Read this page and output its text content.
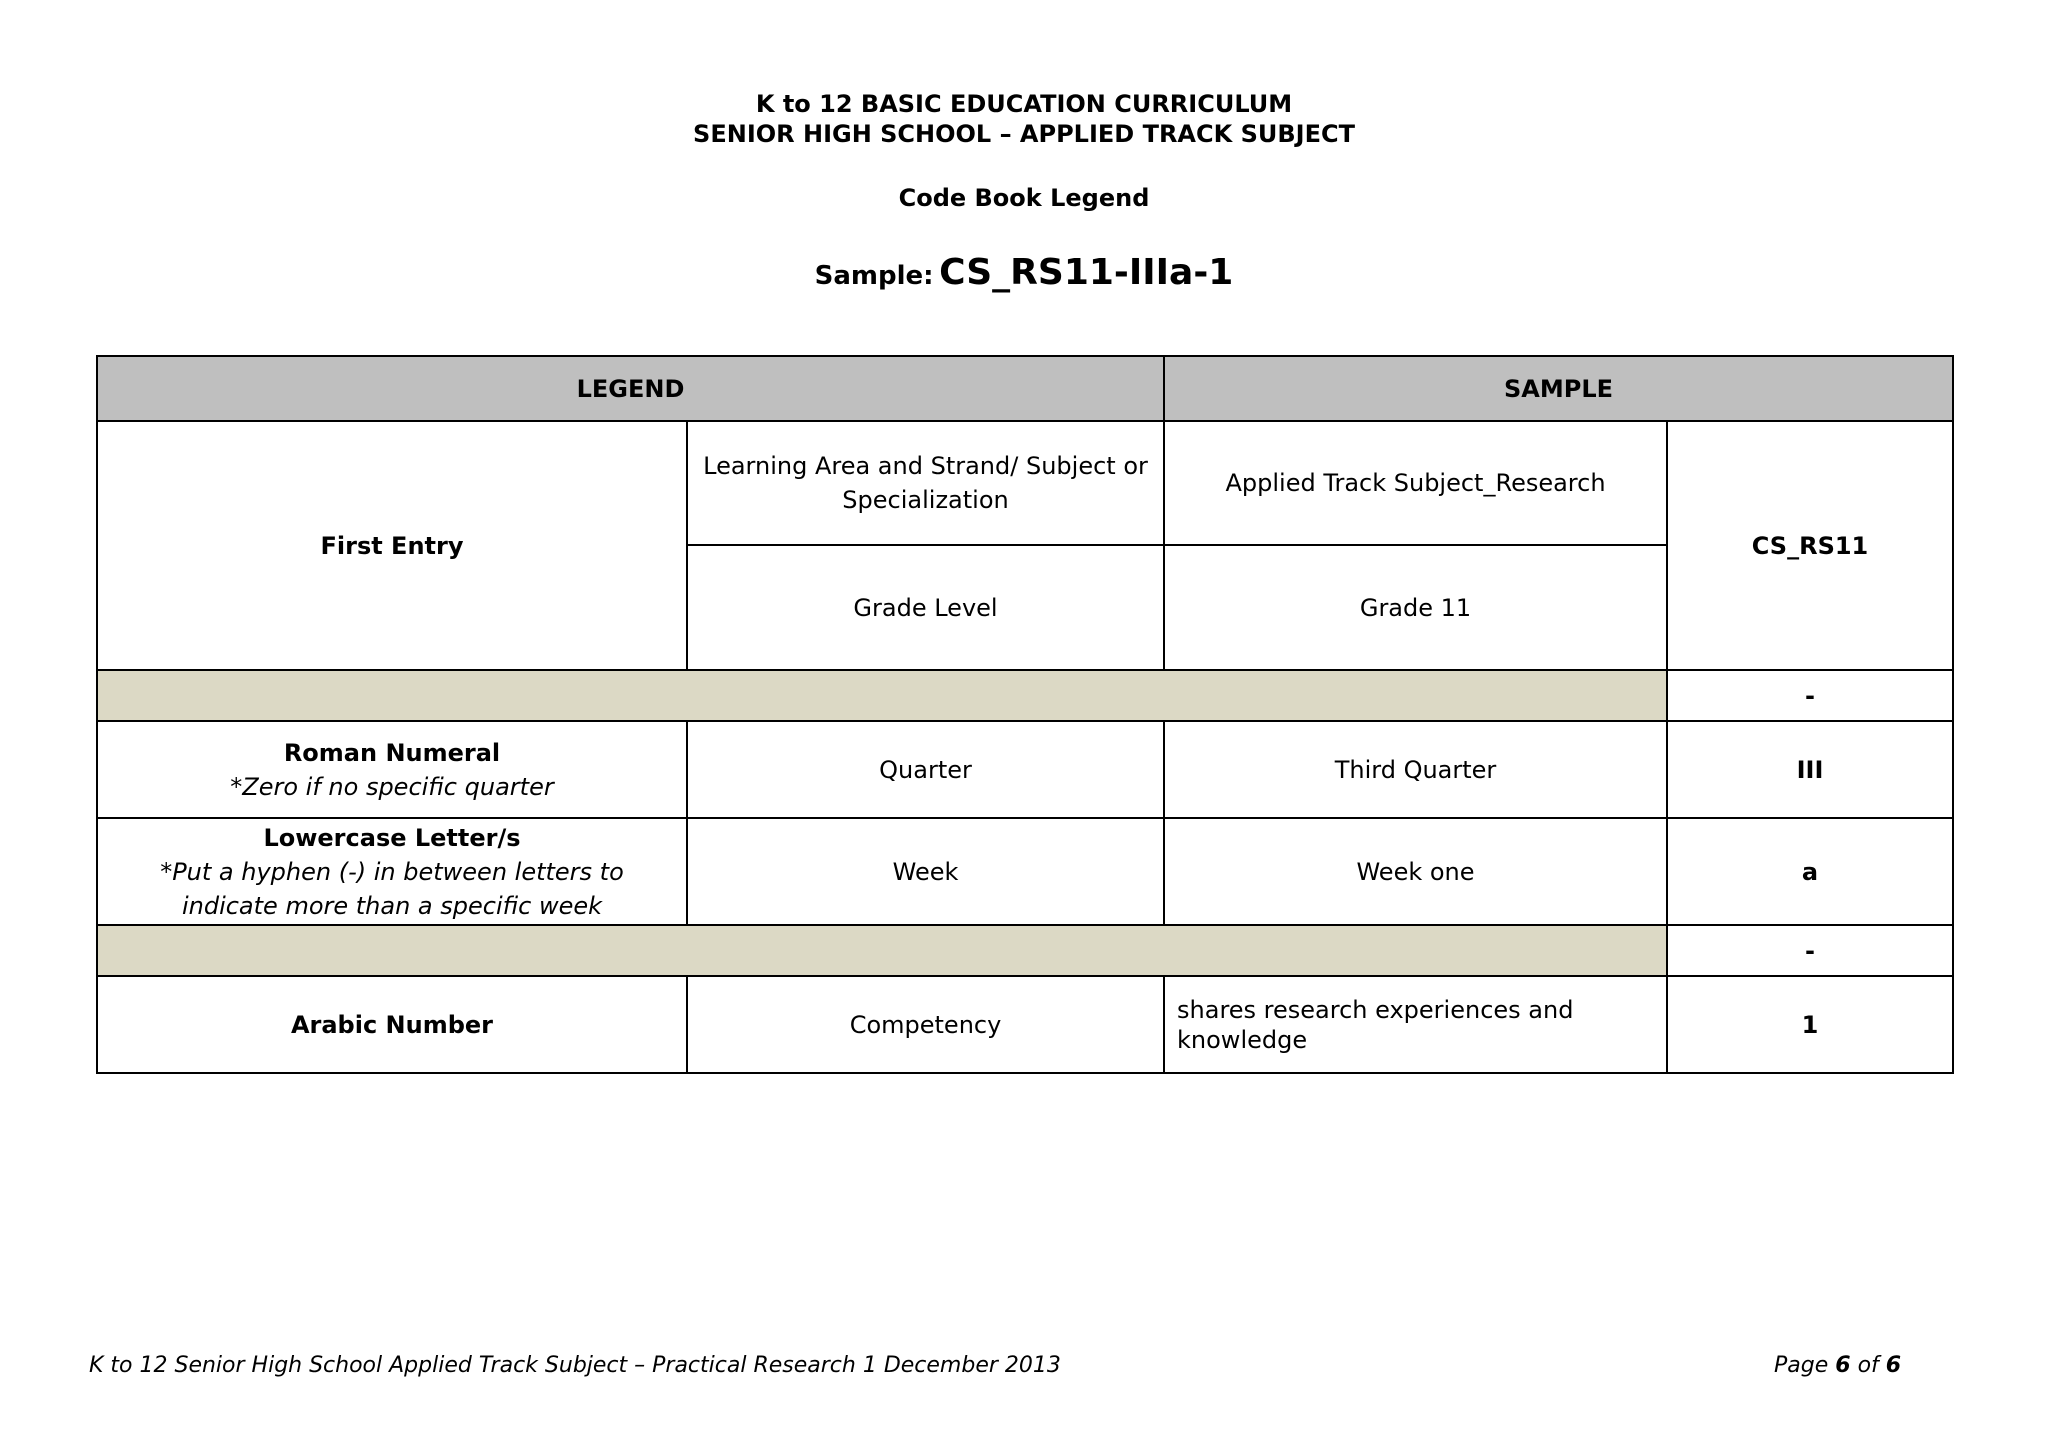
K to 12 BASIC EDUCATION CURRICULUM
SENIOR HIGH SCHOOL – APPLIED TRACK SUBJECT
Code Book Legend
Sample: CS_RS11-IIIa-1
LEGEND		SAMPLE	
First Entry	Learning Area and Strand/ Subject or Specialization	Applied Track Subject_Research	CS_RS11
	Grade Level	Grade 11	
			-

Roman Numeral
*Zero if no specific quarter	Quarter	Third Quarter	III

Lowercase Letter/s
*Put a hyphen (-) in between letters to indicate more than a specific week	Week	Week one	a
			-
Arabic Number	Competency	shares research experiences and knowledge	1
K to 12 Senior High School Applied Track Subject – Practical Research 1 December 2013	Page 6 of 6
